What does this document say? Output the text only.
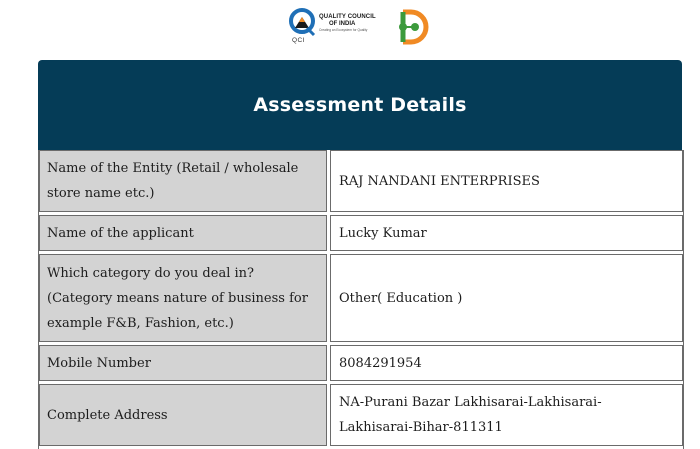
QCI
QUALITY COUNCIL
OF INDIA
Creating an Ecosystem for Quality
Assessment Details
Name of the Entity (Retail / wholesale store name etc.)
RAJ NANDANI ENTERPRISES
Name of the applicant	Lucky Kumar
Which category do you deal in? (Category means nature of business for example F&B, Fashion, etc.)
Other( Education )
Mobile Number	8084291954
Complete Address
NA-Purani Bazar Lakhisarai-Lakhisarai-Lakhisarai-Bihar-811311
